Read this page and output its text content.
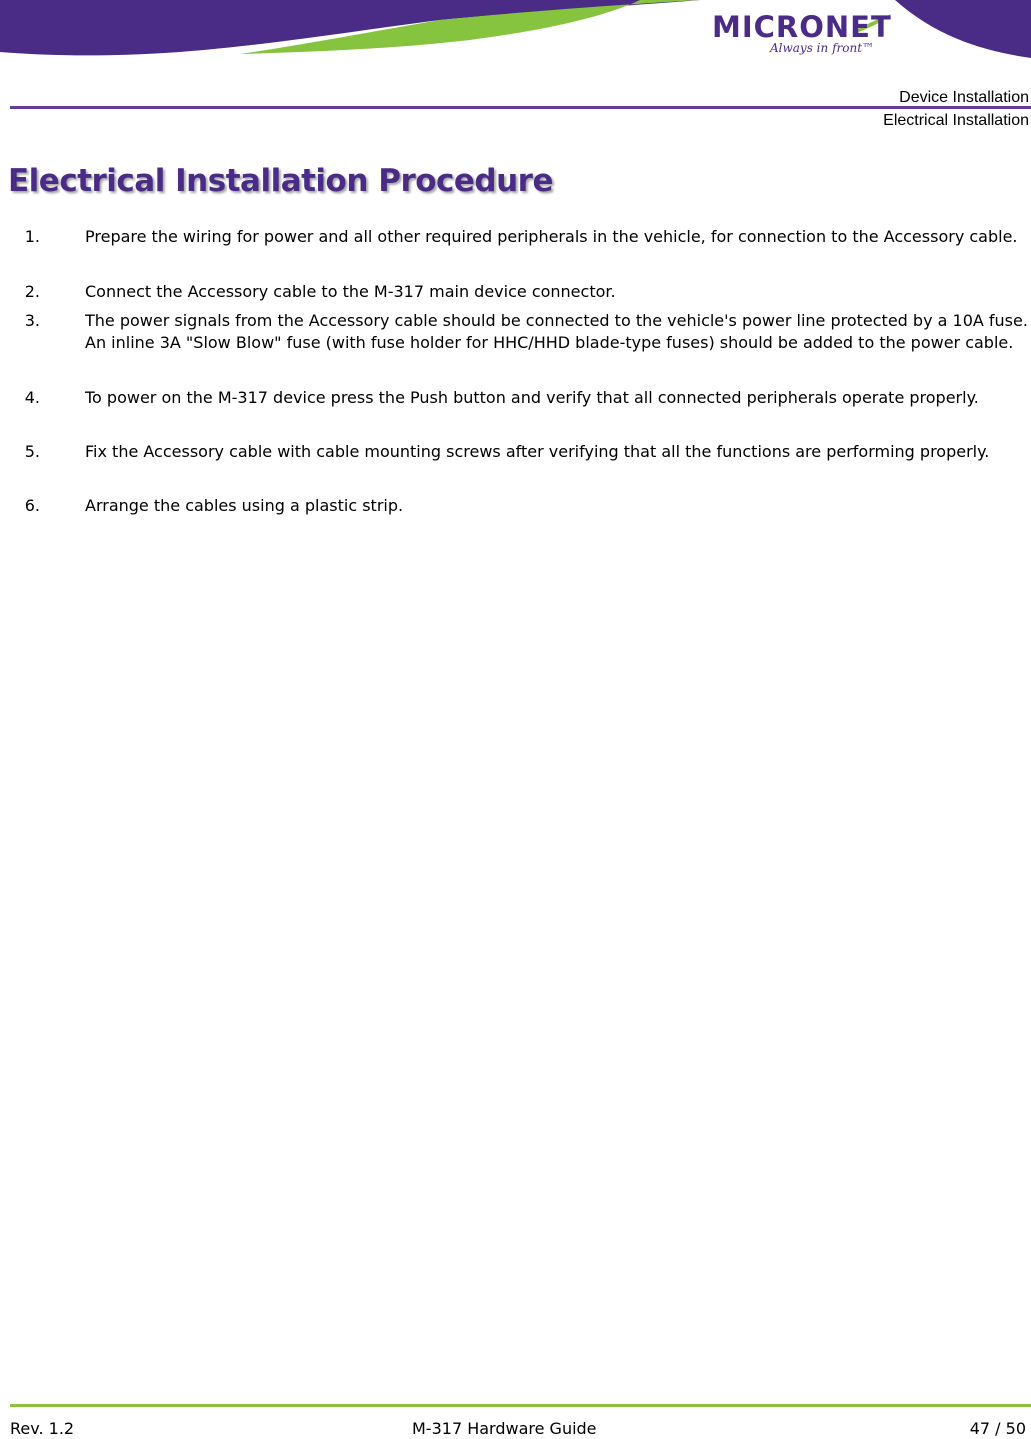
MICRONET
Always in front™
Device Installation
Electrical Installation
Electrical Installation Procedure
1.	Prepare the wiring for power and all other required peripherals in the vehicle, for connection to the Accessory cable.
2.	Connect the Accessory cable to the M-317 main device connector.
3.	The power signals from the Accessory cable should be connected to the vehicle's power line protected by a 10A fuse. An inline 3A "Slow Blow" fuse (with fuse holder for HHC/HHD blade-type fuses) should be added to the power cable.
4.	To power on the M-317 device press the Push button and verify that all connected peripherals operate properly.
5.	Fix the Accessory cable with cable mounting screws after verifying that all the functions are performing properly.
6.	Arrange the cables using a plastic strip.
Rev. 1.2	M-317 Hardware Guide	47 / 50
